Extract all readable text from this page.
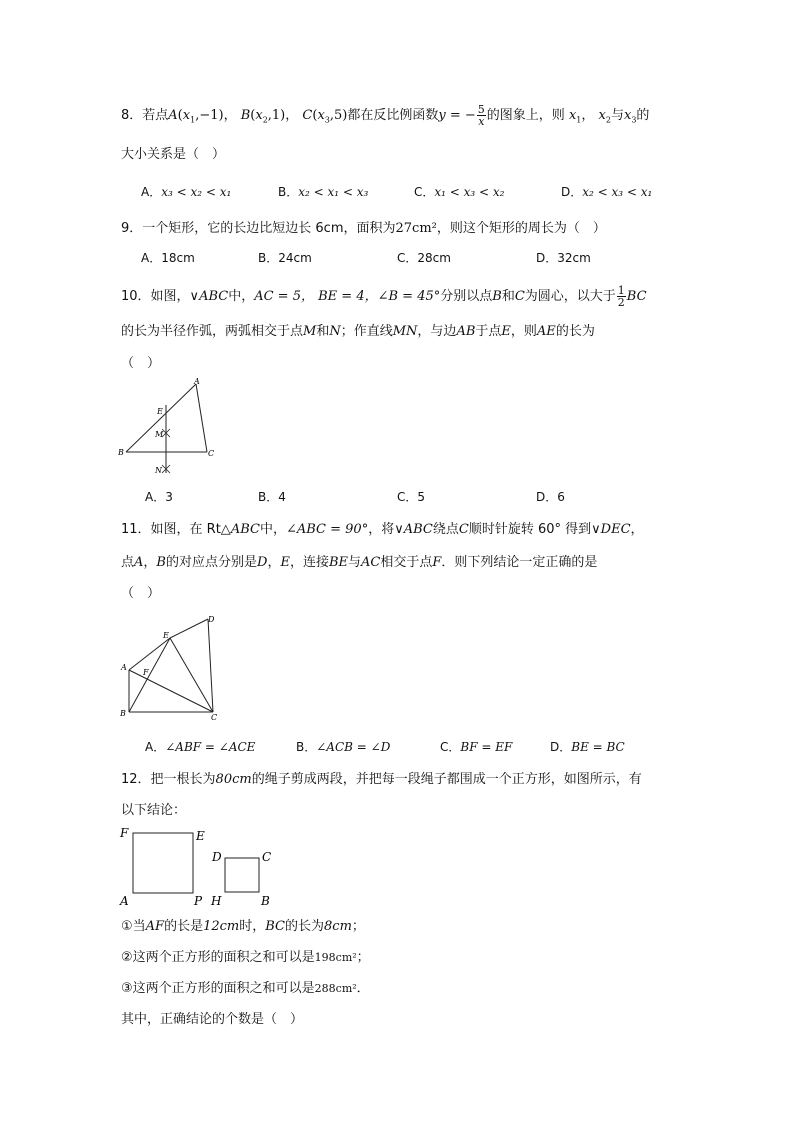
8．若点$A(x_1,-1)$， $B(x_2,1)$， $C(x_3,5)$都在反比例函数y = − $\frac{5}{x}$ 的图象上，则 $x_1$， $x_2$与$x_3$的
大小关系是（　）
A．x₃ < x₂ < x₁	B．x₂ < x₁ < x₃	C．x₁ < x₃ < x₂	D．x₂ < x₃ < x₁
9．一个矩形，它的长边比短边长 6cm，面积为27cm²，则这个矩形的周长为（　）
A．18cm	B．24cm	C．28cm	D．32cm
10．如图，∨ABC中，AC = 5， BE = 4，∠B = 45°分别以点B和C为圆心，以大于 $\frac{1}{2}$ BC
的长为半径作弧，两弧相交于点M和N；作直线MN，与边AB于点E，则AE的长为
（　）
A
B	C
E
M
N
A．3	B．4	C．5	D．6
11．如图，在 Rt△ABC中，∠ABC = 90°，将∨ABC绕点C顺时针旋转 60° 得到∨DEC，
点A，B的对应点分别是D，E，连接BE与AC相交于点F．则下列结论一定正确的是
（　）
A
B	C
D
E
F
A．∠ABF = ∠ACE	B．∠ACB = ∠D	C．BF = EF	D．BE = BC
12．把一根长为80cm的绳子剪成两段，并把每一段绳子都围成一个正方形，如图所示，有
以下结论：
F	E
A	P
D	C
H	B
①当AF的长是12cm时，BC的长为8cm；
②这两个正方形的面积之和可以是198cm²；
③这两个正方形的面积之和可以是288cm²．
其中，正确结论的个数是（　）
